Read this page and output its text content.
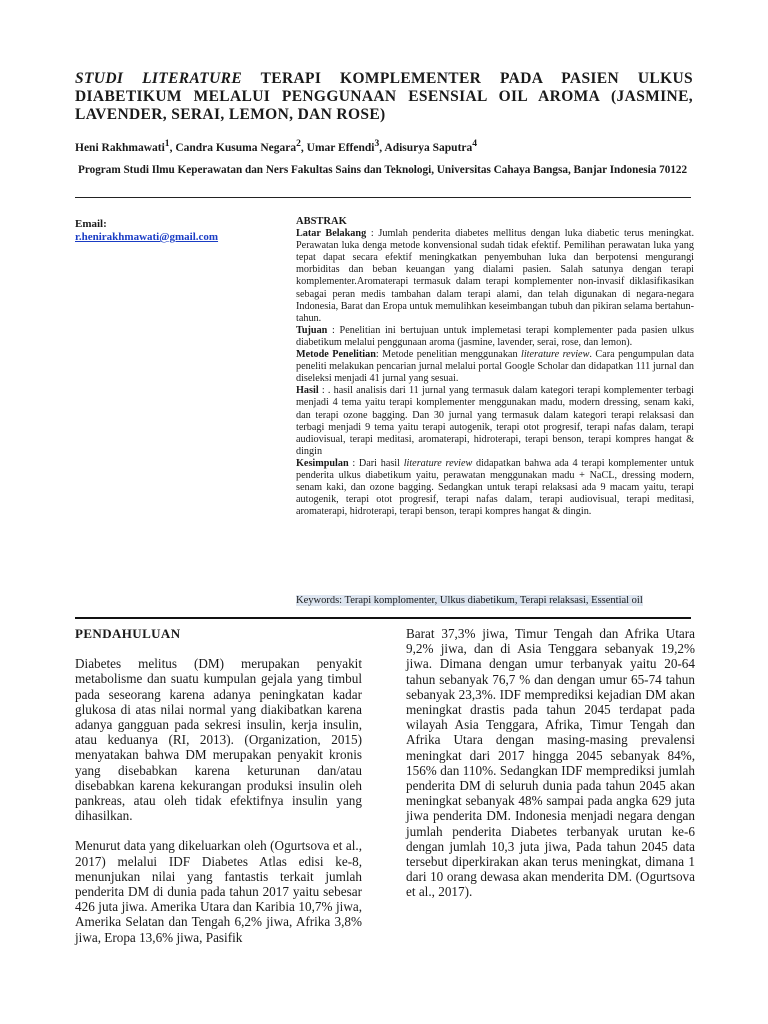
STUDI LITERATURE TERAPI KOMPLEMENTER PADA PASIEN ULKUS DIABETIKUM MELALUI PENGGUNAAN ESENSIAL OIL AROMA (JASMINE, LAVENDER, SERAI, LEMON, DAN ROSE)

Heni Rakhmawati$^1$, Candra Kusuma Negara$^2$, Umar Effendi$^3$, Adisurya Saputra$^4$

Program Studi Ilmu Keperawatan dan Ners Fakultas Sains dan Teknologi, Universitas Cahaya Bangsa, Banjar Indonesia 70122

Email:
r.henirakhmawati@gmail.com

ABSTRAK

Latar Belakang : Jumlah penderita diabetes mellitus dengan luka diabetic terus meningkat. Perawatan luka denga metode konvensional sudah tidak efektif. Pemilihan perawatan luka yang tepat dapat secara efektif meningkatkan penyembuhan luka dan berpotensi mengurangi morbiditas dan beban keuangan yang dialami pasien. Salah satunya dengan terapi komplementer.Aromaterapi termasuk dalam terapi komplementer non-invasif diklasifikasikan sebagai peran medis tambahan dalam terapi alami, dan telah digunakan di negara-negara Indonesia, Barat dan Eropa untuk memulihkan keseimbangan tubuh dan pikiran selama bertahun-tahun.

Tujuan : Penelitian ini bertujuan untuk implemetasi terapi komplementer pada pasien ulkus diabetikum melalui penggunaan aroma (jasmine, lavender, serai, rose, dan lemon).

Metode Penelitian: Metode penelitian menggunakan literature review. Cara pengumpulan data peneliti melakukan pencarian jurnal melalui portal Google Scholar dan didapatkan 111 jurnal dan diseleksi menjadi 41 jurnal yang sesuai.

Hasil : . hasil analisis dari 11 jurnal yang termasuk dalam kategori terapi komplementer terbagi menjadi 4 tema yaitu terapi komplementer menggunakan madu, modern dressing, senam kaki, dan terapi ozone bagging. Dan 30 jurnal yang termasuk dalam kategori terapi relaksasi dan terbagi menjadi 9 tema yaitu terapi autogenik, terapi otot progresif, terapi nafas dalam, terapi audiovisual, terapi meditasi, aromaterapi, hidroterapi, terapi benson, terapi kompres hangat & dingin

Kesimpulan : Dari hasil literature review didapatkan bahwa ada 4 terapi komplementer untuk penderita ulkus diabetikum yaitu, perawatan menggunakan madu + NaCL, dressing modern, senam kaki, dan ozone bagging. Sedangkan untuk terapi relaksasi ada 9 macam yaitu, terapi autogenik, terapi otot progresif, terapi nafas dalam, terapi audiovisual, terapi meditasi, aromaterapi, hidroterapi, terapi benson, terapi kompres hangat & dingin.

Keywords: Terapi komplomenter, Ulkus diabetikum, Terapi relaksasi, Essential oil

PENDAHULUAN

Diabetes melitus (DM) merupakan penyakit metabolisme dan suatu kumpulan gejala yang timbul pada seseorang karena adanya peningkatan kadar glukosa di atas nilai normal yang diakibatkan karena adanya gangguan pada sekresi insulin, kerja insulin, atau keduanya (RI, 2013). (Organization, 2015) menyatakan bahwa DM merupakan penyakit kronis yang disebabkan karena keturunan dan/atau disebabkan karena kekurangan produksi insulin oleh pankreas, atau oleh tidak efektifnya insulin yang dihasilkan.

Menurut data yang dikeluarkan oleh (Ogurtsova et al., 2017) melalui IDF Diabetes Atlas edisi ke-8, menunjukan nilai yang fantastis terkait jumlah penderita DM di dunia pada tahun 2017 yaitu sebesar 426 juta jiwa. Amerika Utara dan Karibia 10,7% jiwa, Amerika Selatan dan Tengah 6,2% jiwa, Afrika 3,8% jiwa, Eropa 13,6% jiwa, Pasifik

Barat 37,3% jiwa, Timur Tengah dan Afrika Utara 9,2% jiwa, dan di Asia Tenggara sebanyak 19,2% jiwa. Dimana dengan umur terbanyak yaitu 20-64 tahun sebanyak 76,7 % dan dengan umur 65-74 tahun sebanyak 23,3%. IDF memprediksi kejadian DM akan meningkat drastis pada tahun 2045 terdapat pada wilayah Asia Tenggara, Afrika, Timur Tengah dan Afrika Utara dengan masing-masing prevalensi meningkat dari 2017 hingga 2045 sebanyak 84%, 156% dan 110%. Sedangkan IDF memprediksi jumlah penderita DM di seluruh dunia pada tahun 2045 akan meningkat sebanyak 48% sampai pada angka 629 juta jiwa penderita DM. Indonesia menjadi negara dengan jumlah penderita Diabetes terbanyak urutan ke-6 dengan jumlah 10,3 juta jiwa, Pada tahun 2045 data tersebut diperkirakan akan terus meningkat, dimana 1 dari 10 orang dewasa akan menderita DM. (Ogurtsova et al., 2017).
